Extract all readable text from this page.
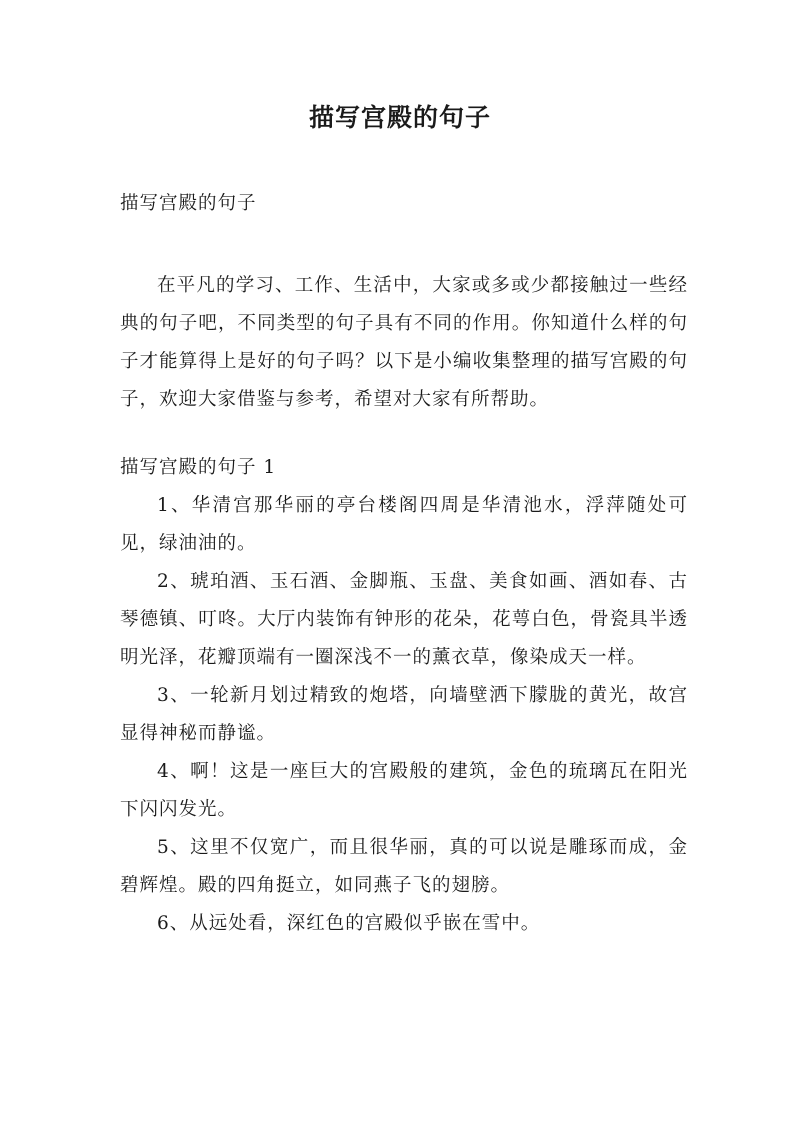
描写宫殿的句子

描写宫殿的句子

在平凡的学习、工作、生活中，大家或多或少都接触过一些经典的句子吧，不同类型的句子具有不同的作用。你知道什么样的句子才能算得上是好的句子吗？以下是小编收集整理的描写宫殿的句子，欢迎大家借鉴与参考，希望对大家有所帮助。

描写宫殿的句子 1

1、华清宫那华丽的亭台楼阁四周是华清池水，浮萍随处可见，绿油油的。

2、琥珀酒、玉石酒、金脚瓶、玉盘、美食如画、酒如春、古琴德镇、叮咚。大厅内装饰有钟形的花朵，花萼白色，骨瓷具半透明光泽，花瓣顶端有一圈深浅不一的薰衣草，像染成天一样。

3、一轮新月划过精致的炮塔，向墙壁洒下朦胧的黄光，故宫显得神秘而静谧。

4、啊！这是一座巨大的宫殿般的建筑，金色的琉璃瓦在阳光下闪闪发光。

5、这里不仅宽广，而且很华丽，真的可以说是雕琢而成，金碧辉煌。殿的四角挺立，如同燕子飞的翅膀。

6、从远处看，深红色的宫殿似乎嵌在雪中。
